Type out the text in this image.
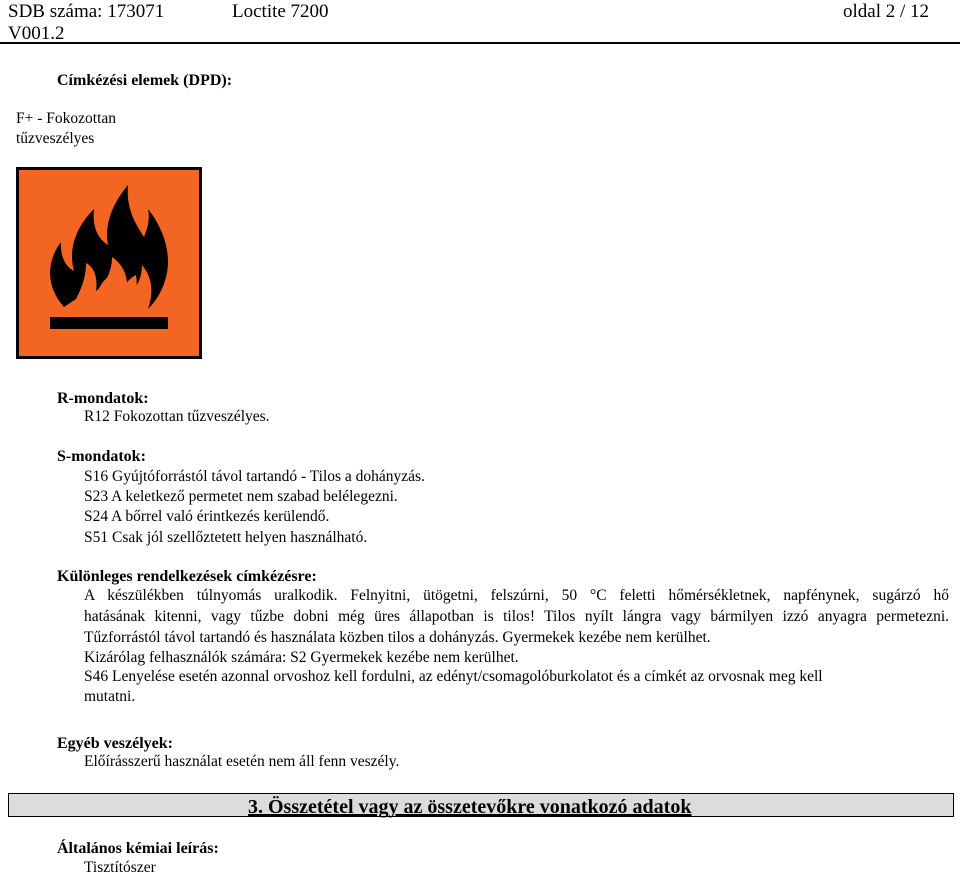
SDB száma: 173071	Loctite 7200	oldal 2 / 12
V001.2
Címkézési elemek (DPD):
F+ - Fokozottan
tűzveszélyes
R-mondatok:
R12 Fokozottan tűzveszélyes.
S-mondatok:
S16 Gyújtóforrástól távol tartandó - Tilos a dohányzás.
S23 A keletkező permetet nem szabad belélegezni.
S24 A bőrrel való érintkezés kerülendő.
S51 Csak jól szellőztetett helyen használható.
Különleges rendelkezések címkézésre:
A készülékben túlnyomás uralkodik. Felnyitni, ütögetni, felszúrni, 50 °C feletti hőmérsékletnek, napfénynek, sugárzó hő
hatásának kitenni, vagy tűzbe dobni még üres állapotban is tilos! Tilos nyílt lángra vagy bármilyen izzó anyagra permetezni.
Tűzforrástól távol tartandó és használata közben tilos a dohányzás. Gyermekek kezébe nem kerülhet.
Kizárólag felhasználók számára: S2 Gyermekek kezébe nem kerülhet.
S46 Lenyelése esetén azonnal orvoshoz kell fordulni, az edényt/csomagolóburkolatot és a címkét az orvosnak meg kell
mutatni.
Egyéb veszélyek:
Előírásszerű használat esetén nem áll fenn veszély.
3. Összetétel vagy az összetevőkre vonatkozó adatok
Általános kémiai leírás:
Tisztítószer
